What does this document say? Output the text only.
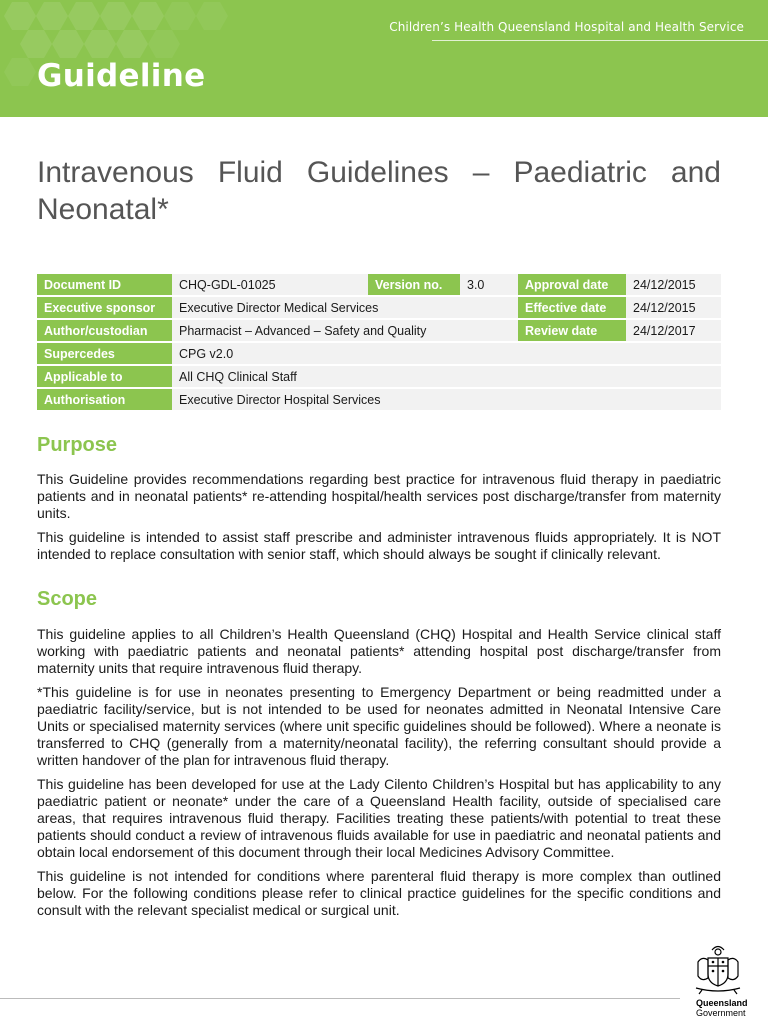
Children’s Health Queensland Hospital and Health Service
Guideline
Intravenous Fluid Guidelines – Paediatric and Neonatal*
Document ID	CHQ-GDL-01025	Version no.	3.0	Approval date	24/12/2015
Executive sponsor	Executive Director Medical Services			Effective date	24/12/2015
Author/custodian	Pharmacist – Advanced – Safety and Quality			Review date	24/12/2017
Supercedes	CPG v2.0				
Applicable to	All CHQ Clinical Staff				
Authorisation	Executive Director Hospital Services				
Purpose

This Guideline provides recommendations regarding best practice for intravenous fluid therapy in paediatric patients and in neonatal patients* re-attending hospital/health services post discharge/transfer from maternity units.

This guideline is intended to assist staff prescribe and administer intravenous fluids appropriately. It is NOT intended to replace consultation with senior staff, which should always be sought if clinically relevant.

Scope

This guideline applies to all Children’s Health Queensland (CHQ) Hospital and Health Service clinical staff working with paediatric patients and neonatal patients* attending hospital post discharge/transfer from maternity units that require intravenous fluid therapy.

*This guideline is for use in neonates presenting to Emergency Department or being readmitted under a paediatric facility/service, but is not intended to be used for neonates admitted in Neonatal Intensive Care Units or specialised maternity services (where unit specific guidelines should be followed). Where a neonate is transferred to CHQ (generally from a maternity/neonatal facility), the referring consultant should provide a written handover of the plan for intravenous fluid therapy.

This guideline has been developed for use at the Lady Cilento Children’s Hospital but has applicability to any paediatric patient or neonate* under the care of a Queensland Health facility, outside of specialised care areas, that requires intravenous fluid therapy. Facilities treating these patients/with potential to treat these patients should conduct a review of intravenous fluids available for use in paediatric and neonatal patients and obtain local endorsement of this document through their local Medicines Advisory Committee.

This guideline is not intended for conditions where parenteral fluid therapy is more complex than outlined below. For the following conditions please refer to clinical practice guidelines for the specific conditions and consult with the relevant specialist medical or surgical unit.

Queensland
Government
